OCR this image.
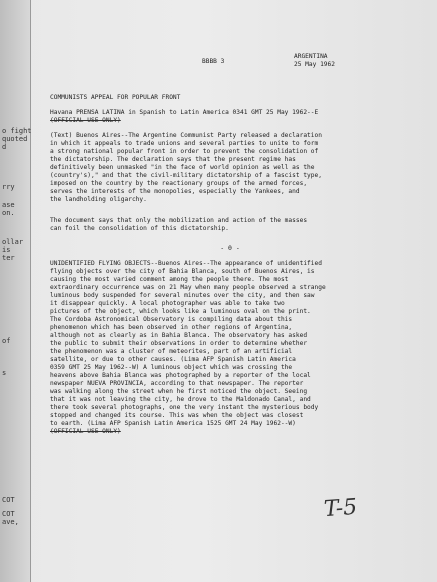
o fight
quoted
d
rry
ase
on.
ollar
is
ter
of
s
COT
COT
ave,
BBBB 3
ARGENTINA
25 May 1962
COMMUNISTS APPEAL FOR POPULAR FRONT
Havana PRENSA LATINA in Spanish to Latin America 0341 GMT 25 May 1962--E
(OFFICIAL USE ONLY)
(Text) Buenos Aires--The Argentine Communist Party released a declaration
in which it appeals to trade unions and several parties to unite to form
a strong national popular front in order to prevent the consolidation of
the dictatorship. The declaration says that the present regime has
definitively been unmasked "in the face of world opinion as well as the
(country's)," and that the civil-military dictatorship of a fascist type,
imposed on the country by the reactionary groups of the armed forces,
serves the interests of the monopolies, especially the Yankees, and
the landholding oligarchy.
The document says that only the mobilization and action of the masses
can foil the consolidation of this dictatorship.
- 0 -
UNIDENTIFIED FLYING OBJECTS--Buenos Aires--The appearance of unidentified
flying objects over the city of Bahia Blanca, south of Buenos Aires, is
causing the most varied comment among the people there. The most
extraordinary occurrence was on 21 May when many people observed a strange
luminous body suspended for several minutes over the city, and then saw
it disappear quickly. A local photographer was able to take two
pictures of the object, which looks like a luminous oval on the print.
The Cordoba Astronomical Observatory is compiling data about this
phenomenon which has been observed in other regions of Argentina,
although not as clearly as in Bahia Blanca. The observatory has asked
the public to submit their observations in order to determine whether
the phenomenon was a cluster of meteorites, part of an artificial
satellite, or due to other causes. (Lima AFP Spanish Latin America
0359 GMT 25 May 1962--W) A luminous object which was crossing the
heavens above Bahia Blanca was photographed by a reporter of the local
newspaper NUEVA PROVINCIA, according to that newspaper. The reporter
was walking along the street when he first noticed the object. Seeing
that it was not leaving the city, he drove to the Maldonado Canal, and
there took several photographs, one the very instant the mysterious body
stopped and changed its course. This was when the object was closest
to earth. (Lima AFP Spanish Latin America 1525 GMT 24 May 1962--W)
(OFFICIAL USE ONLY)
T-5
